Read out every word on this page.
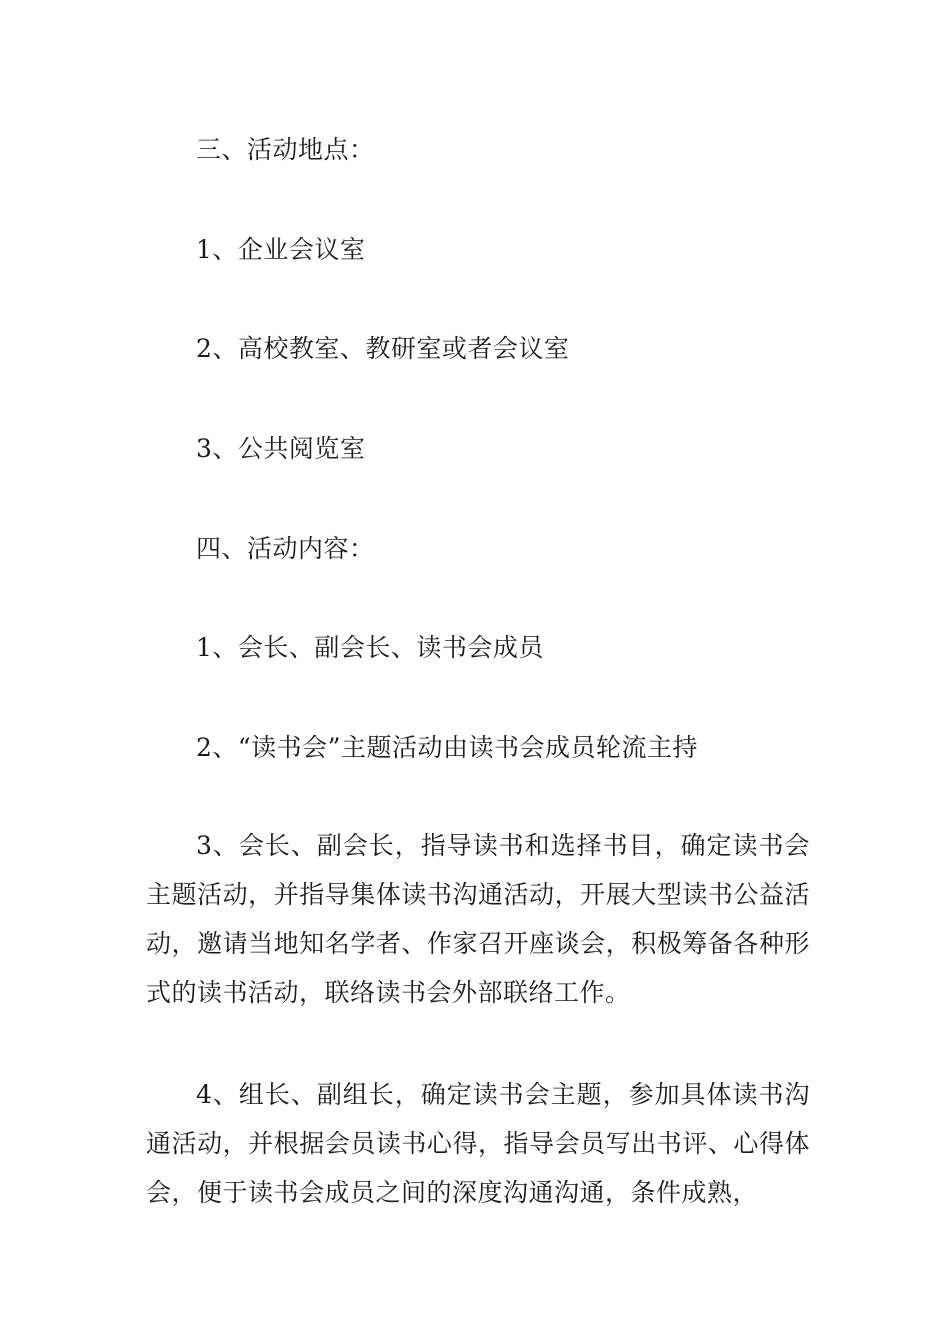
三、活动地点：
1、企业会议室
2、高校教室、教研室或者会议室
3、公共阅览室
四、活动内容：
1、会长、副会长、读书会成员
2、“读书会”主题活动由读书会成员轮流主持
3、会长、副会长，指导读书和选择书目，确定读书会主题活动，并指导集体读书沟通活动，开展大型读书公益活动，邀请当地知名学者、作家召开座谈会，积极筹备各种形式的读书活动，联络读书会外部联络工作。
4、组长、副组长，确定读书会主题，参加具体读书沟通活动，并根据会员读书心得，指导会员写出书评、心得体会，便于读书会成员之间的深度沟通沟通，条件成熟，
